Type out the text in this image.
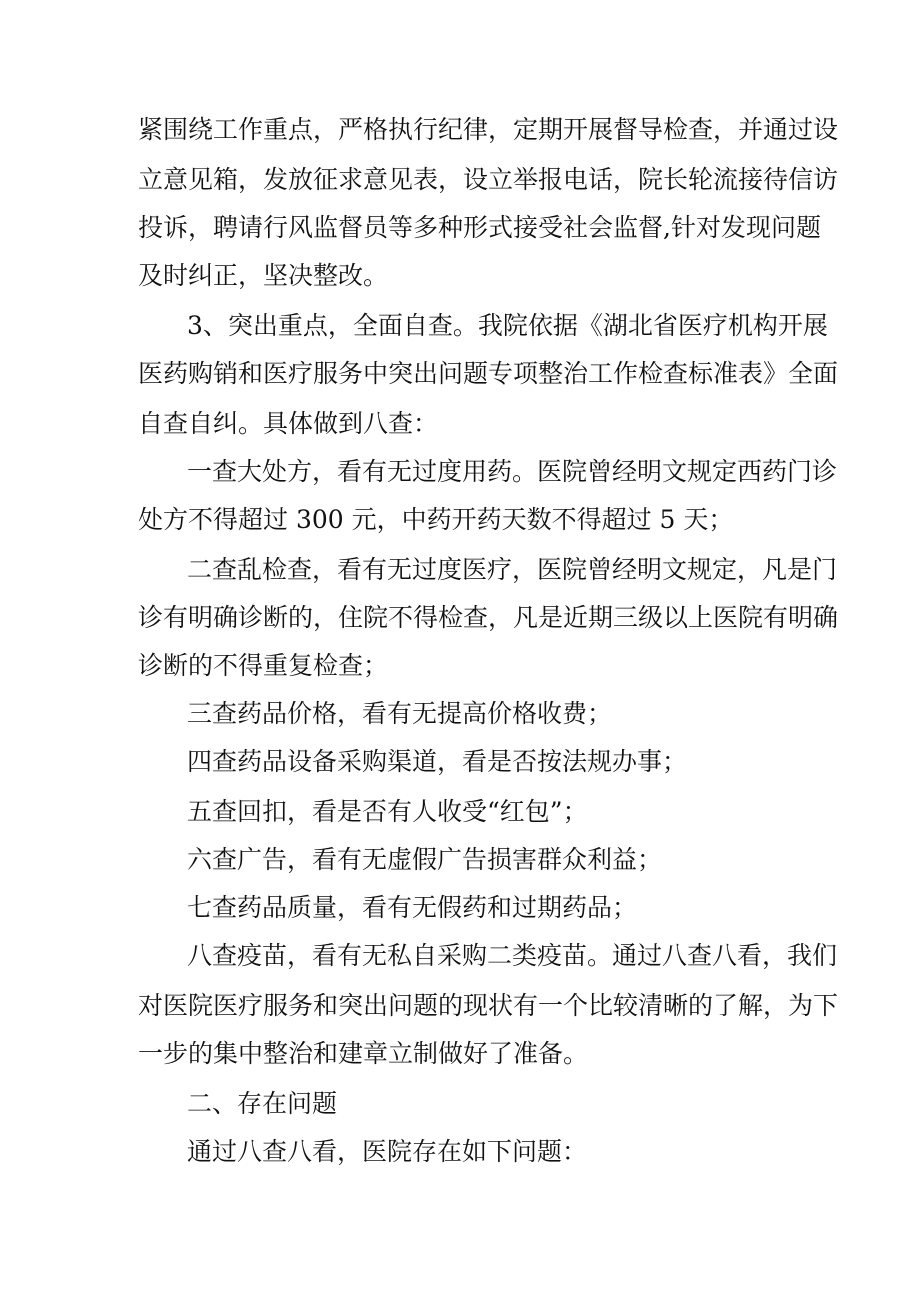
紧围绕工作重点，严格执行纪律，定期开展督导检查，并通过设
立意见箱，发放征求意见表，设立举报电话，院长轮流接待信访
投诉，聘请行风监督员等多种形式接受社会监督,针对发现问题
及时纠正，坚决整改。
3、突出重点，全面自查。我院依据《湖北省医疗机构开展
医药购销和医疗服务中突出问题专项整治工作检查标准表》全面
自查自纠。具体做到八查：
一查大处方，看有无过度用药。医院曾经明文规定西药门诊
处方不得超过 300 元，中药开药天数不得超过 5 天；
二查乱检查，看有无过度医疗，医院曾经明文规定，凡是门
诊有明确诊断的，住院不得检查，凡是近期三级以上医院有明确
诊断的不得重复检查；
三查药品价格，看有无提高价格收费；
四查药品设备采购渠道，看是否按法规办事；
五查回扣，看是否有人收受“红包”；
六查广告，看有无虚假广告损害群众利益；
七查药品质量，看有无假药和过期药品；
八查疫苗，看有无私自采购二类疫苗。通过八查八看，我们
对医院医疗服务和突出问题的现状有一个比较清晰的了解，为下
一步的集中整治和建章立制做好了准备。
二、存在问题
通过八查八看，医院存在如下问题：
